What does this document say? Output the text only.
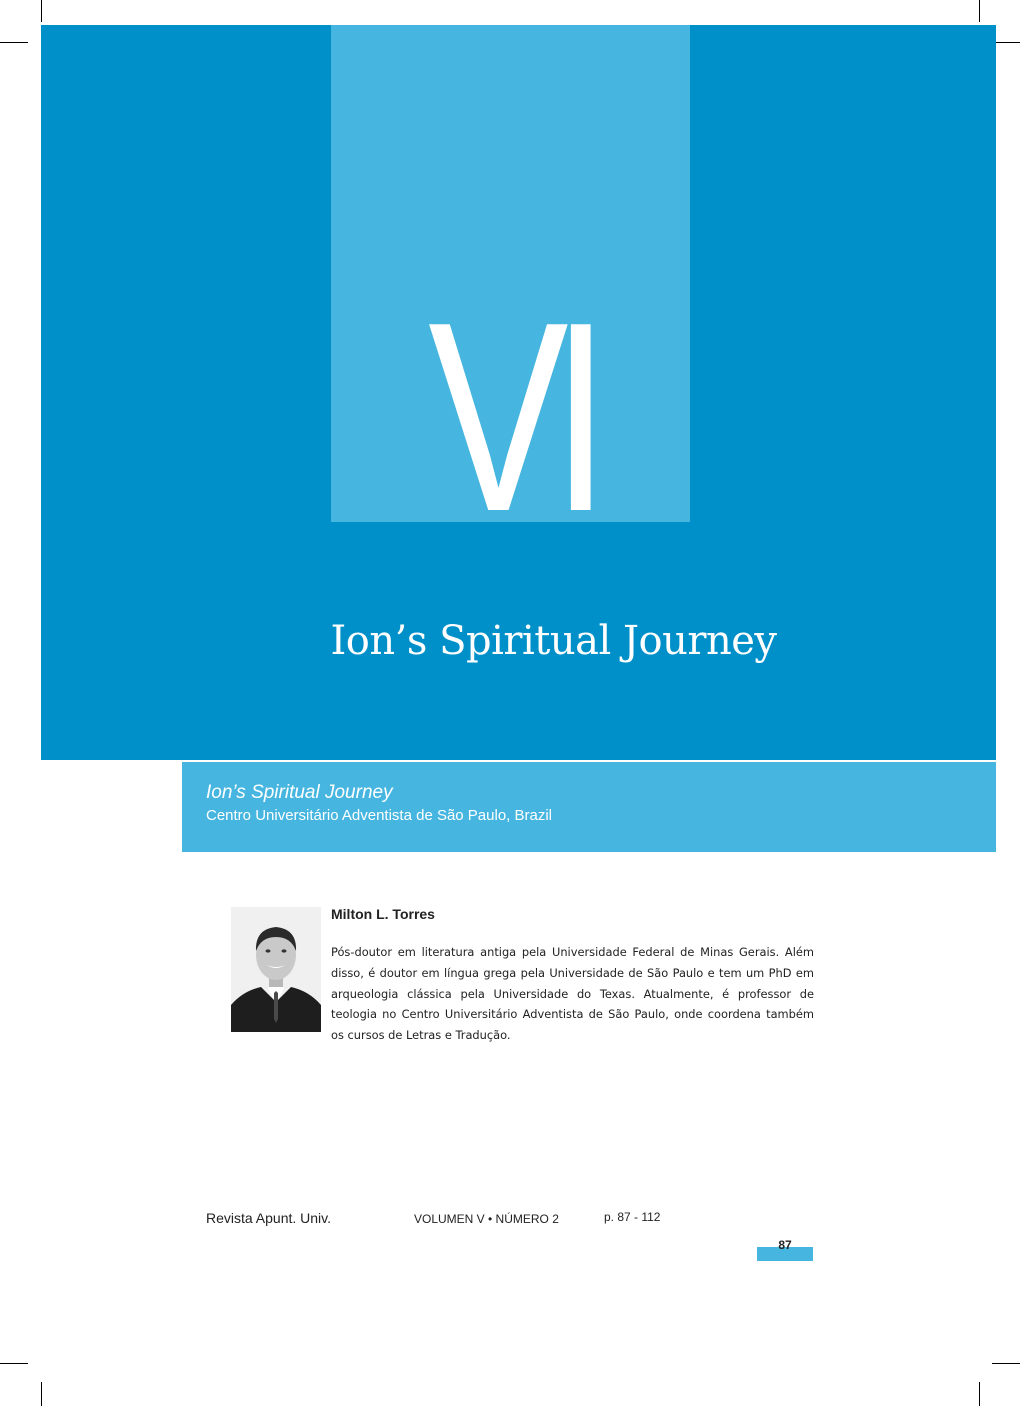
VI
Ion’s Spiritual Journey
Ion’s Spiritual Journey
Centro Universitário Adventista de São Paulo, Brazil
Milton L. Torres
Pós-doutor em literatura antiga pela Universidade Federal de Minas Gerais. Além disso, é doutor em língua grega pela Universidade de São Paulo e tem um PhD em arqueologia clássica pela Universidade do Texas. Atualmente, é professor de teologia no Centro Universitário Adventista de São Paulo, onde coordena também os cursos de Letras e Tradução.
Revista Apunt. Univ.	VOLUMEN V • NÚMERO 2	p. 87 - 112
87
